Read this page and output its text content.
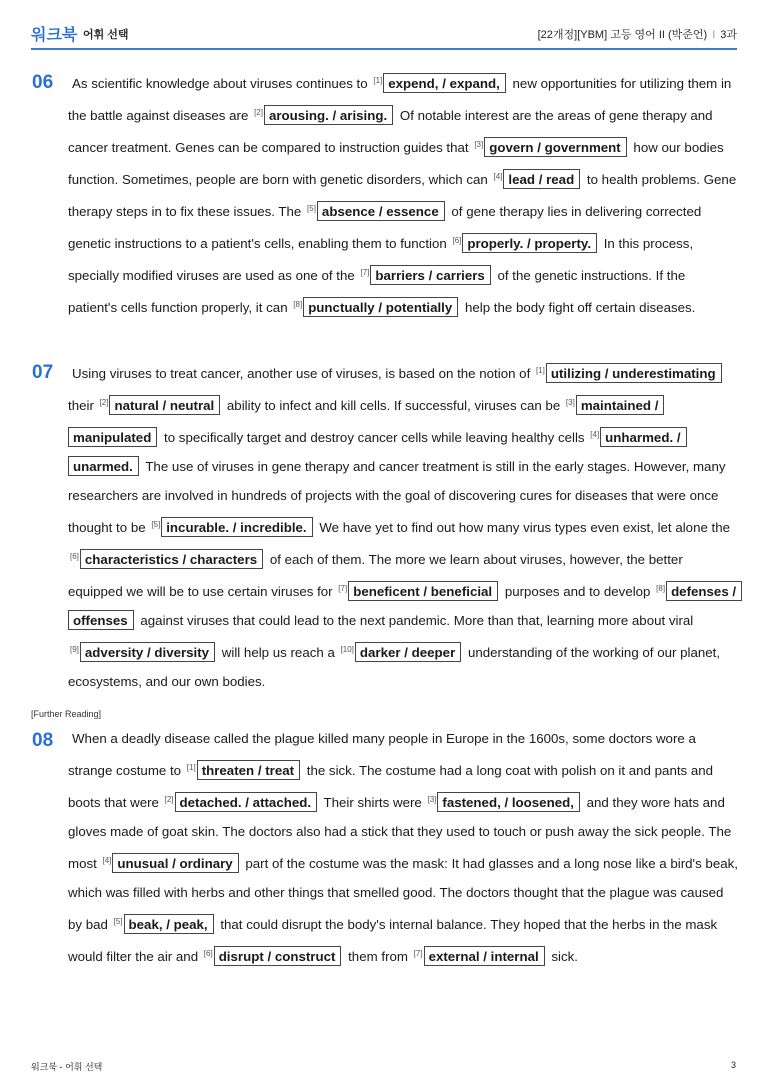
워크북 어휘 선택	[22개정][YBM] 고등 영어 II (박준언) I 3과
06	As scientific knowledge about viruses continues to [1] expend, / expand, new opportunities for utilizing them in the battle against diseases are [2] arousing. / arising. Of notable interest are the areas of gene therapy and cancer treatment. Genes can be compared to instruction guides that [3] govern / government how our bodies function. Sometimes, people are born with genetic disorders, which can [4] lead / read to health problems. Gene therapy steps in to fix these issues. The [5] absence / essence of gene therapy lies in delivering corrected genetic instructions to a patient's cells, enabling them to function [6] properly. / property. In this process, specially modified viruses are used as one of the [7] barriers / carriers of the genetic instructions. If the patient's cells function properly, it can [8] punctually / potentially help the body fight off certain diseases.
07	Using viruses to treat cancer, another use of viruses, is based on the notion of [1] utilizing / underestimating their [2] natural / neutral ability to infect and kill cells. If successful, viruses can be [3] maintained / manipulated to specifically target and destroy cancer cells while leaving healthy cells [4] unharmed. / unarmed. The use of viruses in gene therapy and cancer treatment is still in the early stages. However, many researchers are involved in hundreds of projects with the goal of discovering cures for diseases that were once thought to be [5] incurable. / incredible. We have yet to find out how many virus types even exist, let alone the [6] characteristics / characters of each of them. The more we learn about viruses, however, the better equipped we will be to use certain viruses for [7] beneficent / beneficial purposes and to develop [8] defenses / offenses against viruses that could lead to the next pandemic. More than that, learning more about viral [9] adversity / diversity will help us reach a [10] darker / deeper understanding of the working of our planet, ecosystems, and our own bodies.
[Further Reading]
08	When a deadly disease called the plague killed many people in Europe in the 1600s, some doctors wore a strange costume to [1] threaten / treat the sick. The costume had a long coat with polish on it and pants and boots that were [2] detached. / attached. Their shirts were [3] fastened, / loosened, and they wore hats and gloves made of goat skin. The doctors also had a stick that they used to touch or push away the sick people. The most [4] unusual / ordinary part of the costume was the mask: It had glasses and a long nose like a bird's beak, which was filled with herbs and other things that smelled good. The doctors thought that the plague was caused by bad [5] beak, / peak, that could disrupt the body's internal balance. They hoped that the herbs in the mask would filter the air and [6] disrupt / construct them from [7] external / internal sick.
워크북 - 어휘 선택	3
